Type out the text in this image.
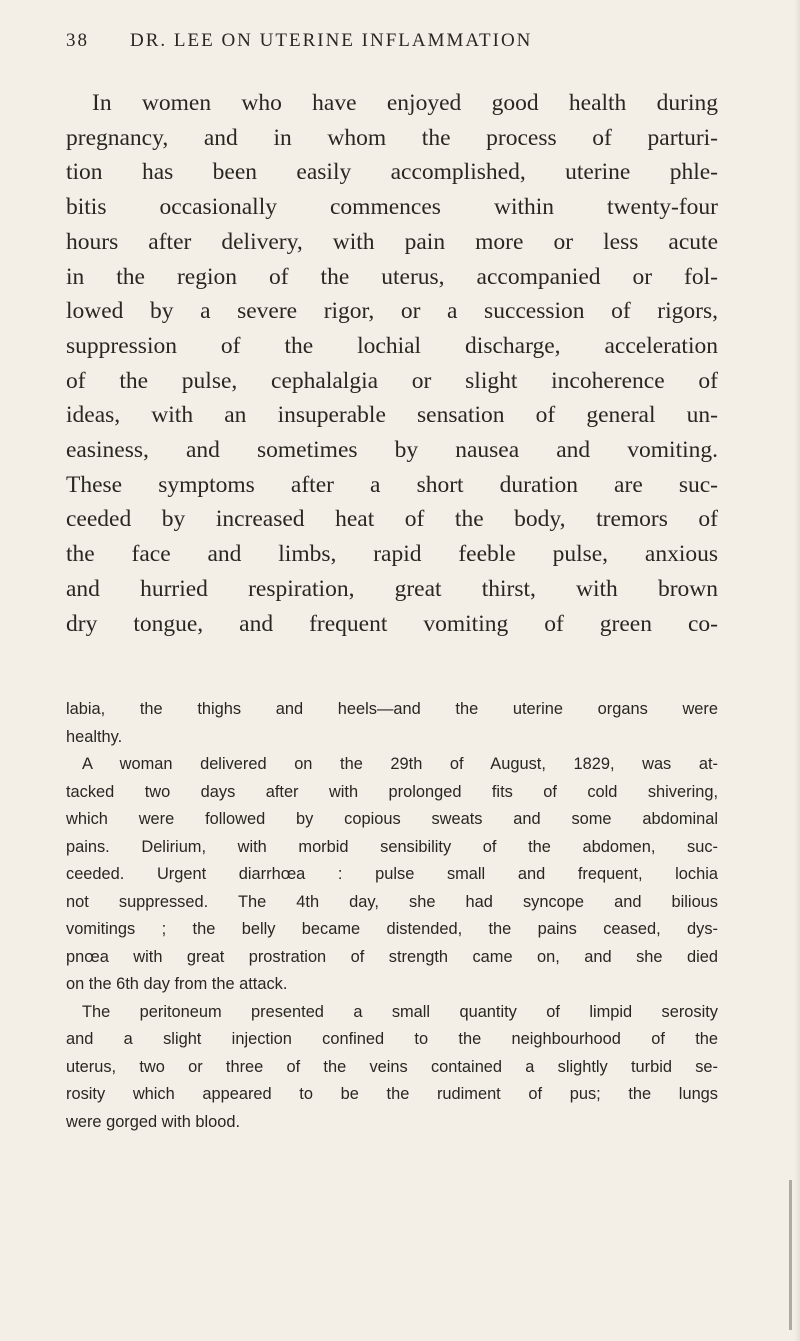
38 DR. LEE ON UTERINE INFLAMMATION
In women who have enjoyed good health during
pregnancy, and in whom the process of parturi-
tion has been easily accomplished, uterine phle-
bitis occasionally commences within twenty-four
hours after delivery, with pain more or less acute
in the region of the uterus, accompanied or fol-
lowed by a severe rigor, or a succession of rigors,
suppression of the lochial discharge, acceleration
of the pulse, cephalalgia or slight incoherence of
ideas, with an insuperable sensation of general un-
easiness, and sometimes by nausea and vomiting.
These symptoms after a short duration are suc-
ceeded by increased heat of the body, tremors of
the face and limbs, rapid feeble pulse, anxious
and hurried respiration, great thirst, with brown
dry tongue, and frequent vomiting of green co-
labia, the thighs and heels—and the uterine organs were
healthy.
A woman delivered on the 29th of August, 1829, was at-
tacked two days after with prolonged fits of cold shivering,
which were followed by copious sweats and some abdominal
pains. Delirium, with morbid sensibility of the abdomen, suc-
ceeded. Urgent diarrhœa : pulse small and frequent, lochia
not suppressed. The 4th day, she had syncope and bilious
vomitings ; the belly became distended, the pains ceased, dys-
pnœa with great prostration of strength came on, and she died
on the 6th day from the attack.
The peritoneum presented a small quantity of limpid serosity
and a slight injection confined to the neighbourhood of the
uterus, two or three of the veins contained a slightly turbid se-
rosity which appeared to be the rudiment of pus; the lungs
were gorged with blood.
